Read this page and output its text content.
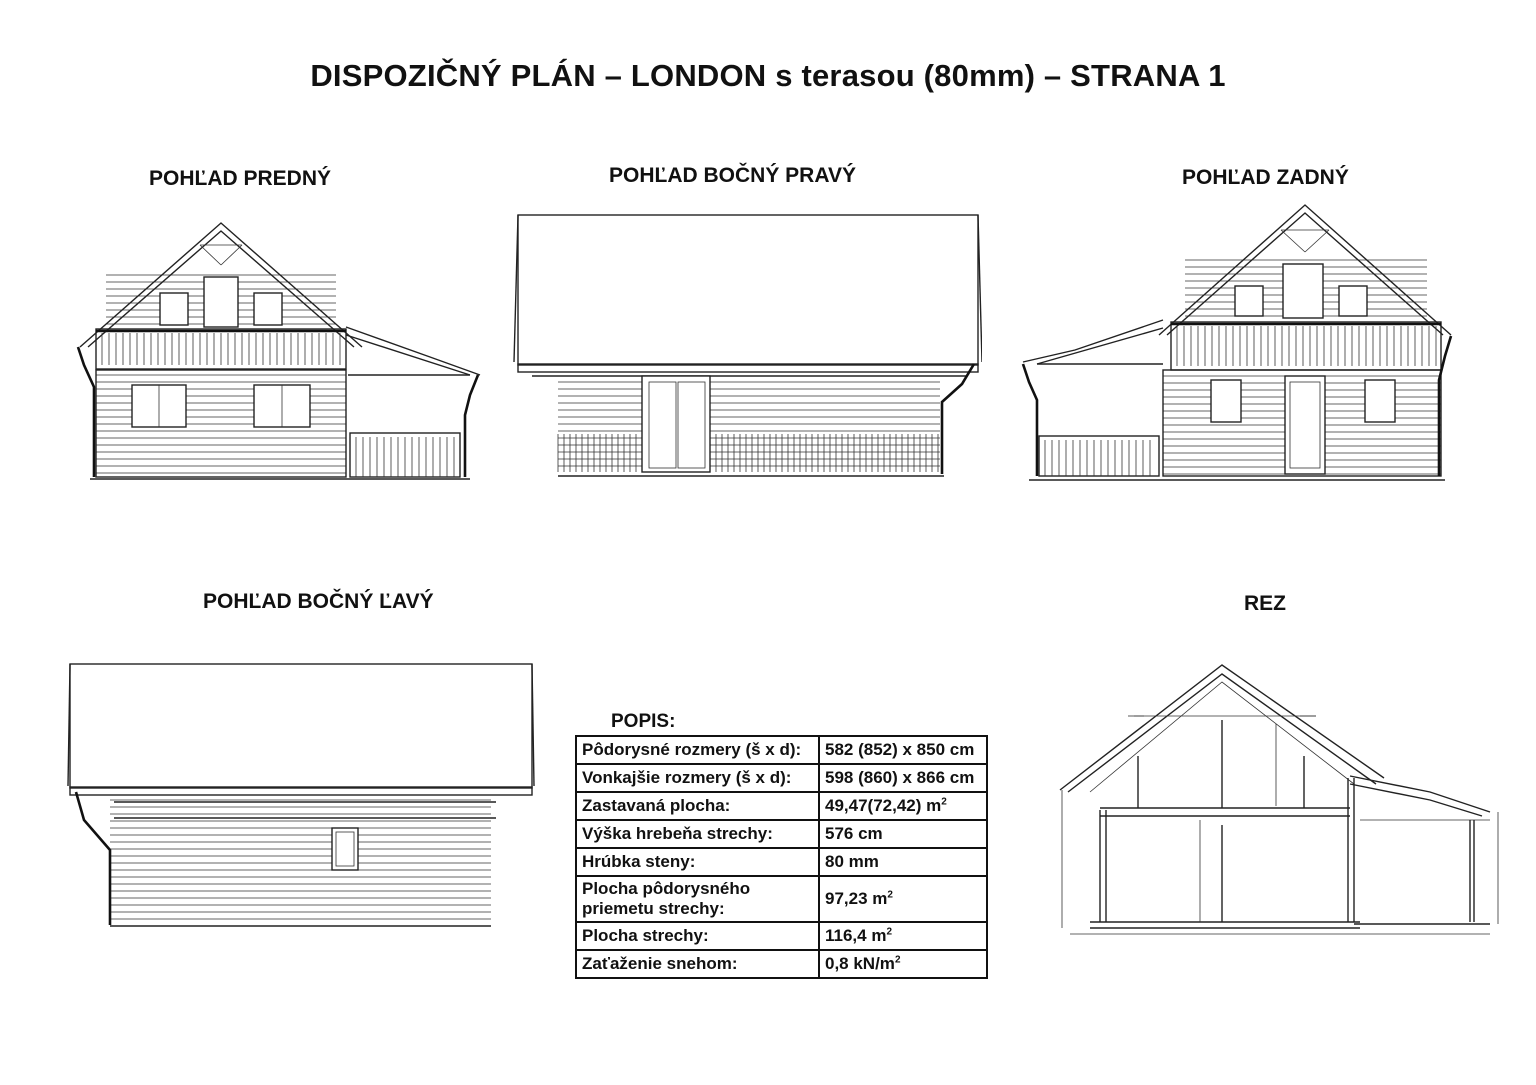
DISPOZIČNÝ PLÁN – LONDON s terasou (80mm) – STRANA 1
POHĽAD PREDNÝ	POHĽAD BOČNÝ PRAVÝ	POHĽAD ZADNÝ
POHĽAD BOČNÝ ĽAVÝ	REZ
POPIS:
Pôdorysné rozmery (š x d):	582 (852) x 850 cm
Vonkajšie rozmery (š x d):	598 (860) x 866 cm
Zastavaná plocha:	49,47(72,42) $m^2$
Výška hrebeňa strechy:	576 cm
Hrúbka steny:	80 mm
Plocha pôdorysného priemetu strechy:	97,23 $m^2$
Plocha strechy:	116,4 $m^2$
Zaťaženie snehom:	0,8 $kN/m^2$
